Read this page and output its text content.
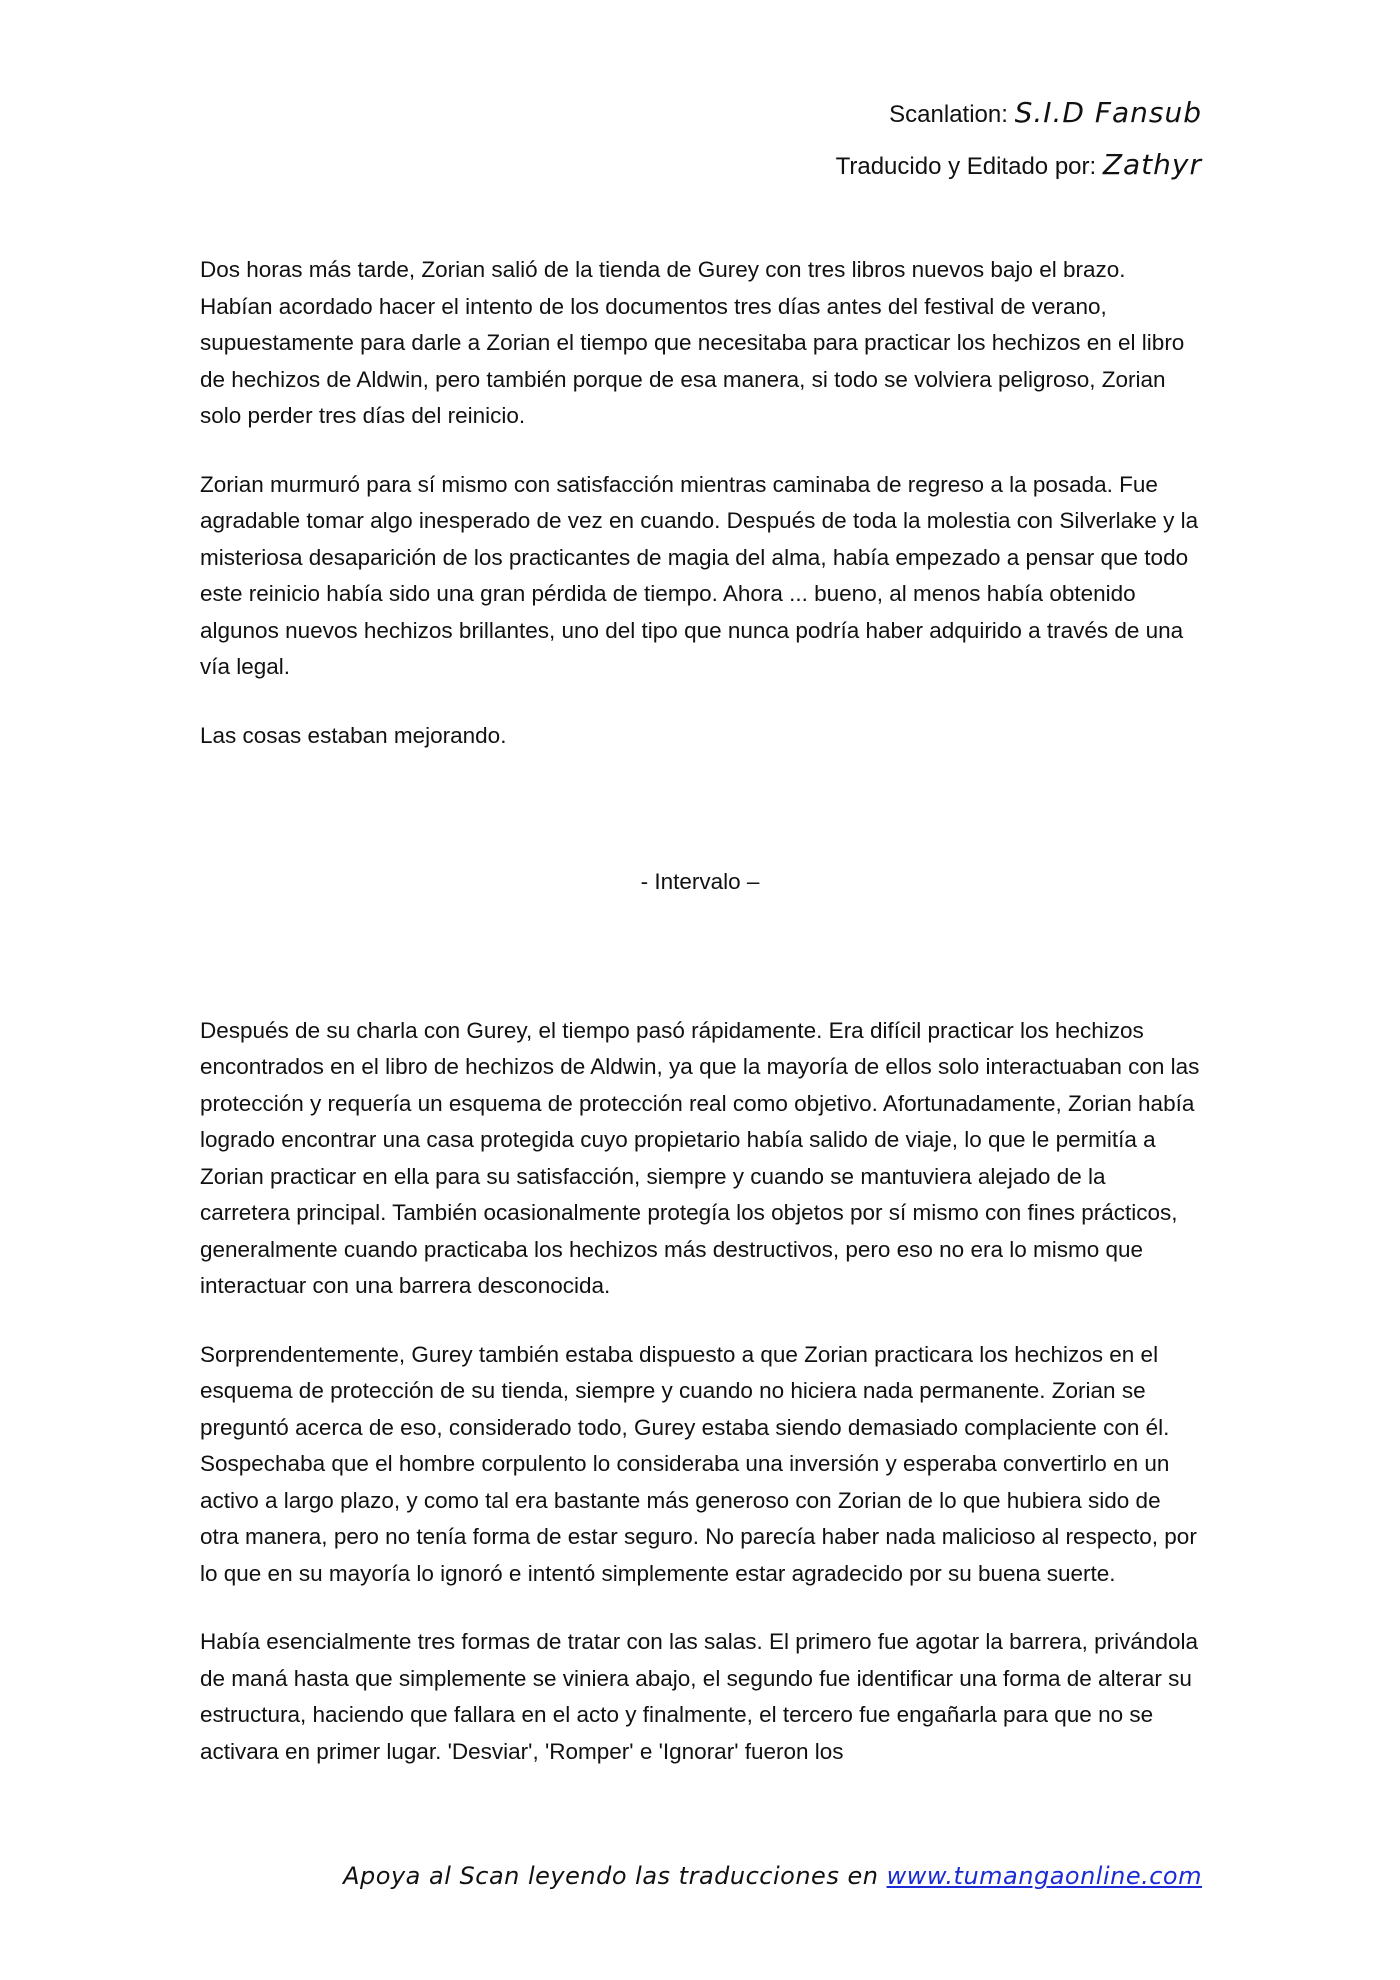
Scanlation: S.I.D Fansub
Traducido y Editado por: Zathyr

Dos horas más tarde, Zorian salió de la tienda de Gurey con tres libros nuevos bajo el brazo. Habían acordado hacer el intento de los documentos tres días antes del festival de verano, supuestamente para darle a Zorian el tiempo que necesitaba para practicar los hechizos en el libro de hechizos de Aldwin, pero también porque de esa manera, si todo se volviera peligroso, Zorian solo perder tres días del reinicio.

Zorian murmuró para sí mismo con satisfacción mientras caminaba de regreso a la posada. Fue agradable tomar algo inesperado de vez en cuando. Después de toda la molestia con Silverlake y la misteriosa desaparición de los practicantes de magia del alma, había empezado a pensar que todo este reinicio había sido una gran pérdida de tiempo. Ahora ... bueno, al menos había obtenido algunos nuevos hechizos brillantes, uno del tipo que nunca podría haber adquirido a través de una vía legal.

Las cosas estaban mejorando.

- Intervalo –

Después de su charla con Gurey, el tiempo pasó rápidamente. Era difícil practicar los hechizos encontrados en el libro de hechizos de Aldwin, ya que la mayoría de ellos solo interactuaban con las protección y requería un esquema de protección real como objetivo. Afortunadamente, Zorian había logrado encontrar una casa protegida cuyo propietario había salido de viaje, lo que le permitía a Zorian practicar en ella para su satisfacción, siempre y cuando se mantuviera alejado de la carretera principal. También ocasionalmente protegía los objetos por sí mismo con fines prácticos, generalmente cuando practicaba los hechizos más destructivos, pero eso no era lo mismo que interactuar con una barrera desconocida.

Sorprendentemente, Gurey también estaba dispuesto a que Zorian practicara los hechizos en el esquema de protección de su tienda, siempre y cuando no hiciera nada permanente. Zorian se preguntó acerca de eso, considerado todo, Gurey estaba siendo demasiado complaciente con él. Sospechaba que el hombre corpulento lo consideraba una inversión y esperaba convertirlo en un activo a largo plazo, y como tal era bastante más generoso con Zorian de lo que hubiera sido de otra manera, pero no tenía forma de estar seguro. No parecía haber nada malicioso al respecto, por lo que en su mayoría lo ignoró e intentó simplemente estar agradecido por su buena suerte.

Había esencialmente tres formas de tratar con las salas. El primero fue agotar la barrera, privándola de maná hasta que simplemente se viniera abajo, el segundo fue identificar una forma de alterar su estructura, haciendo que fallara en el acto y finalmente, el tercero fue engañarla para que no se activara en primer lugar. 'Desviar', 'Romper' e 'Ignorar' fueron los

Apoya al Scan leyendo las traducciones en www.tumangaonline.com
